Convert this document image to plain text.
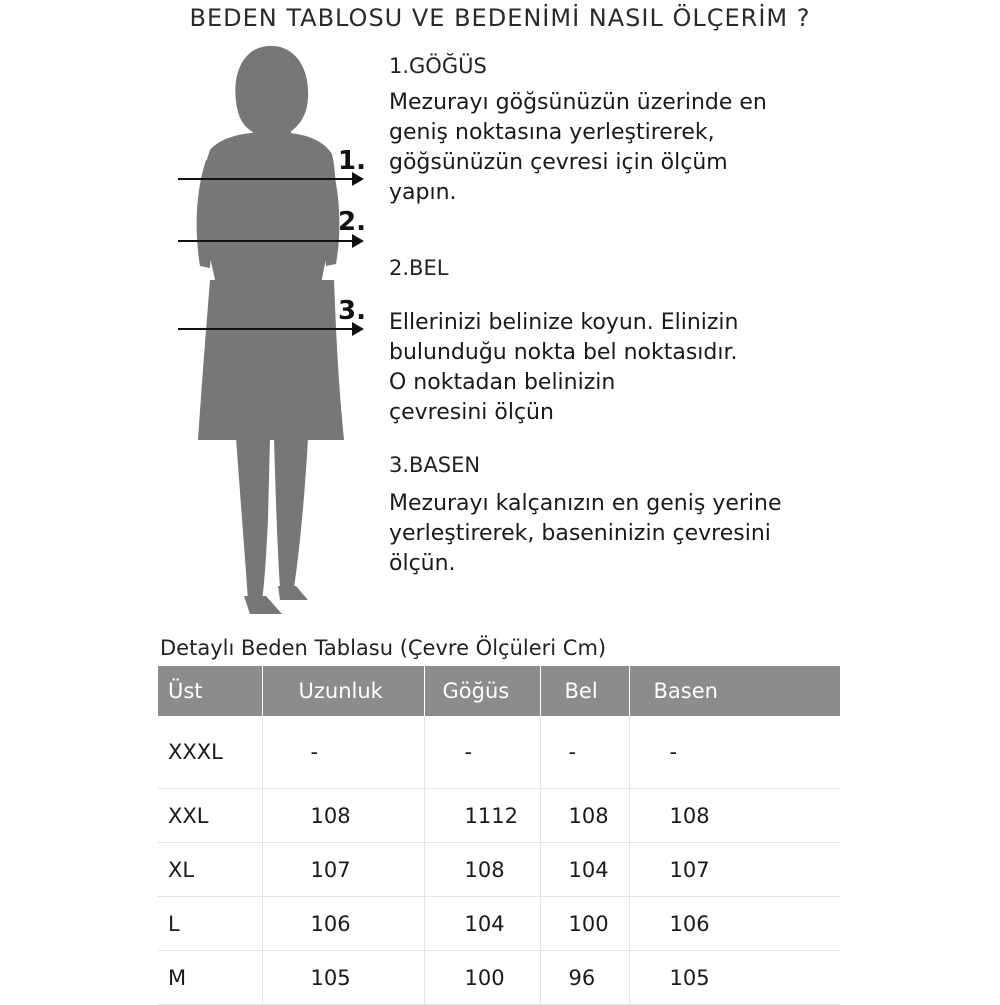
BEDEN TABLOSU VE BEDENİMİ NASIL ÖLÇERİM ?
1.
2.
3.

1.GÖĞÜS

Mezurayı göğsünüzün üzerinde en
geniş noktasına yerleştirerek,
göğsünüzün çevresi için ölçüm
yapın.

2.BEL

Ellerinizi belinize koyun. Elinizin
bulunduğu nokta bel noktasıdır.
O noktadan belinizin
çevresini ölçün

3.BASEN

Mezurayı kalçanızın en geniş yerine
yerleştirerek, baseninizin çevresini
ölçün.

Detaylı Beden Tablasu (Çevre Ölçüleri Cm)
Üst	Uzunluk	Göğüs	Bel	Basen
XXXL	-	-	-	-
XXL	108	1112	108	108
XL	107	108	104	107
L	106	104	100	106
M	105	100	96	105
